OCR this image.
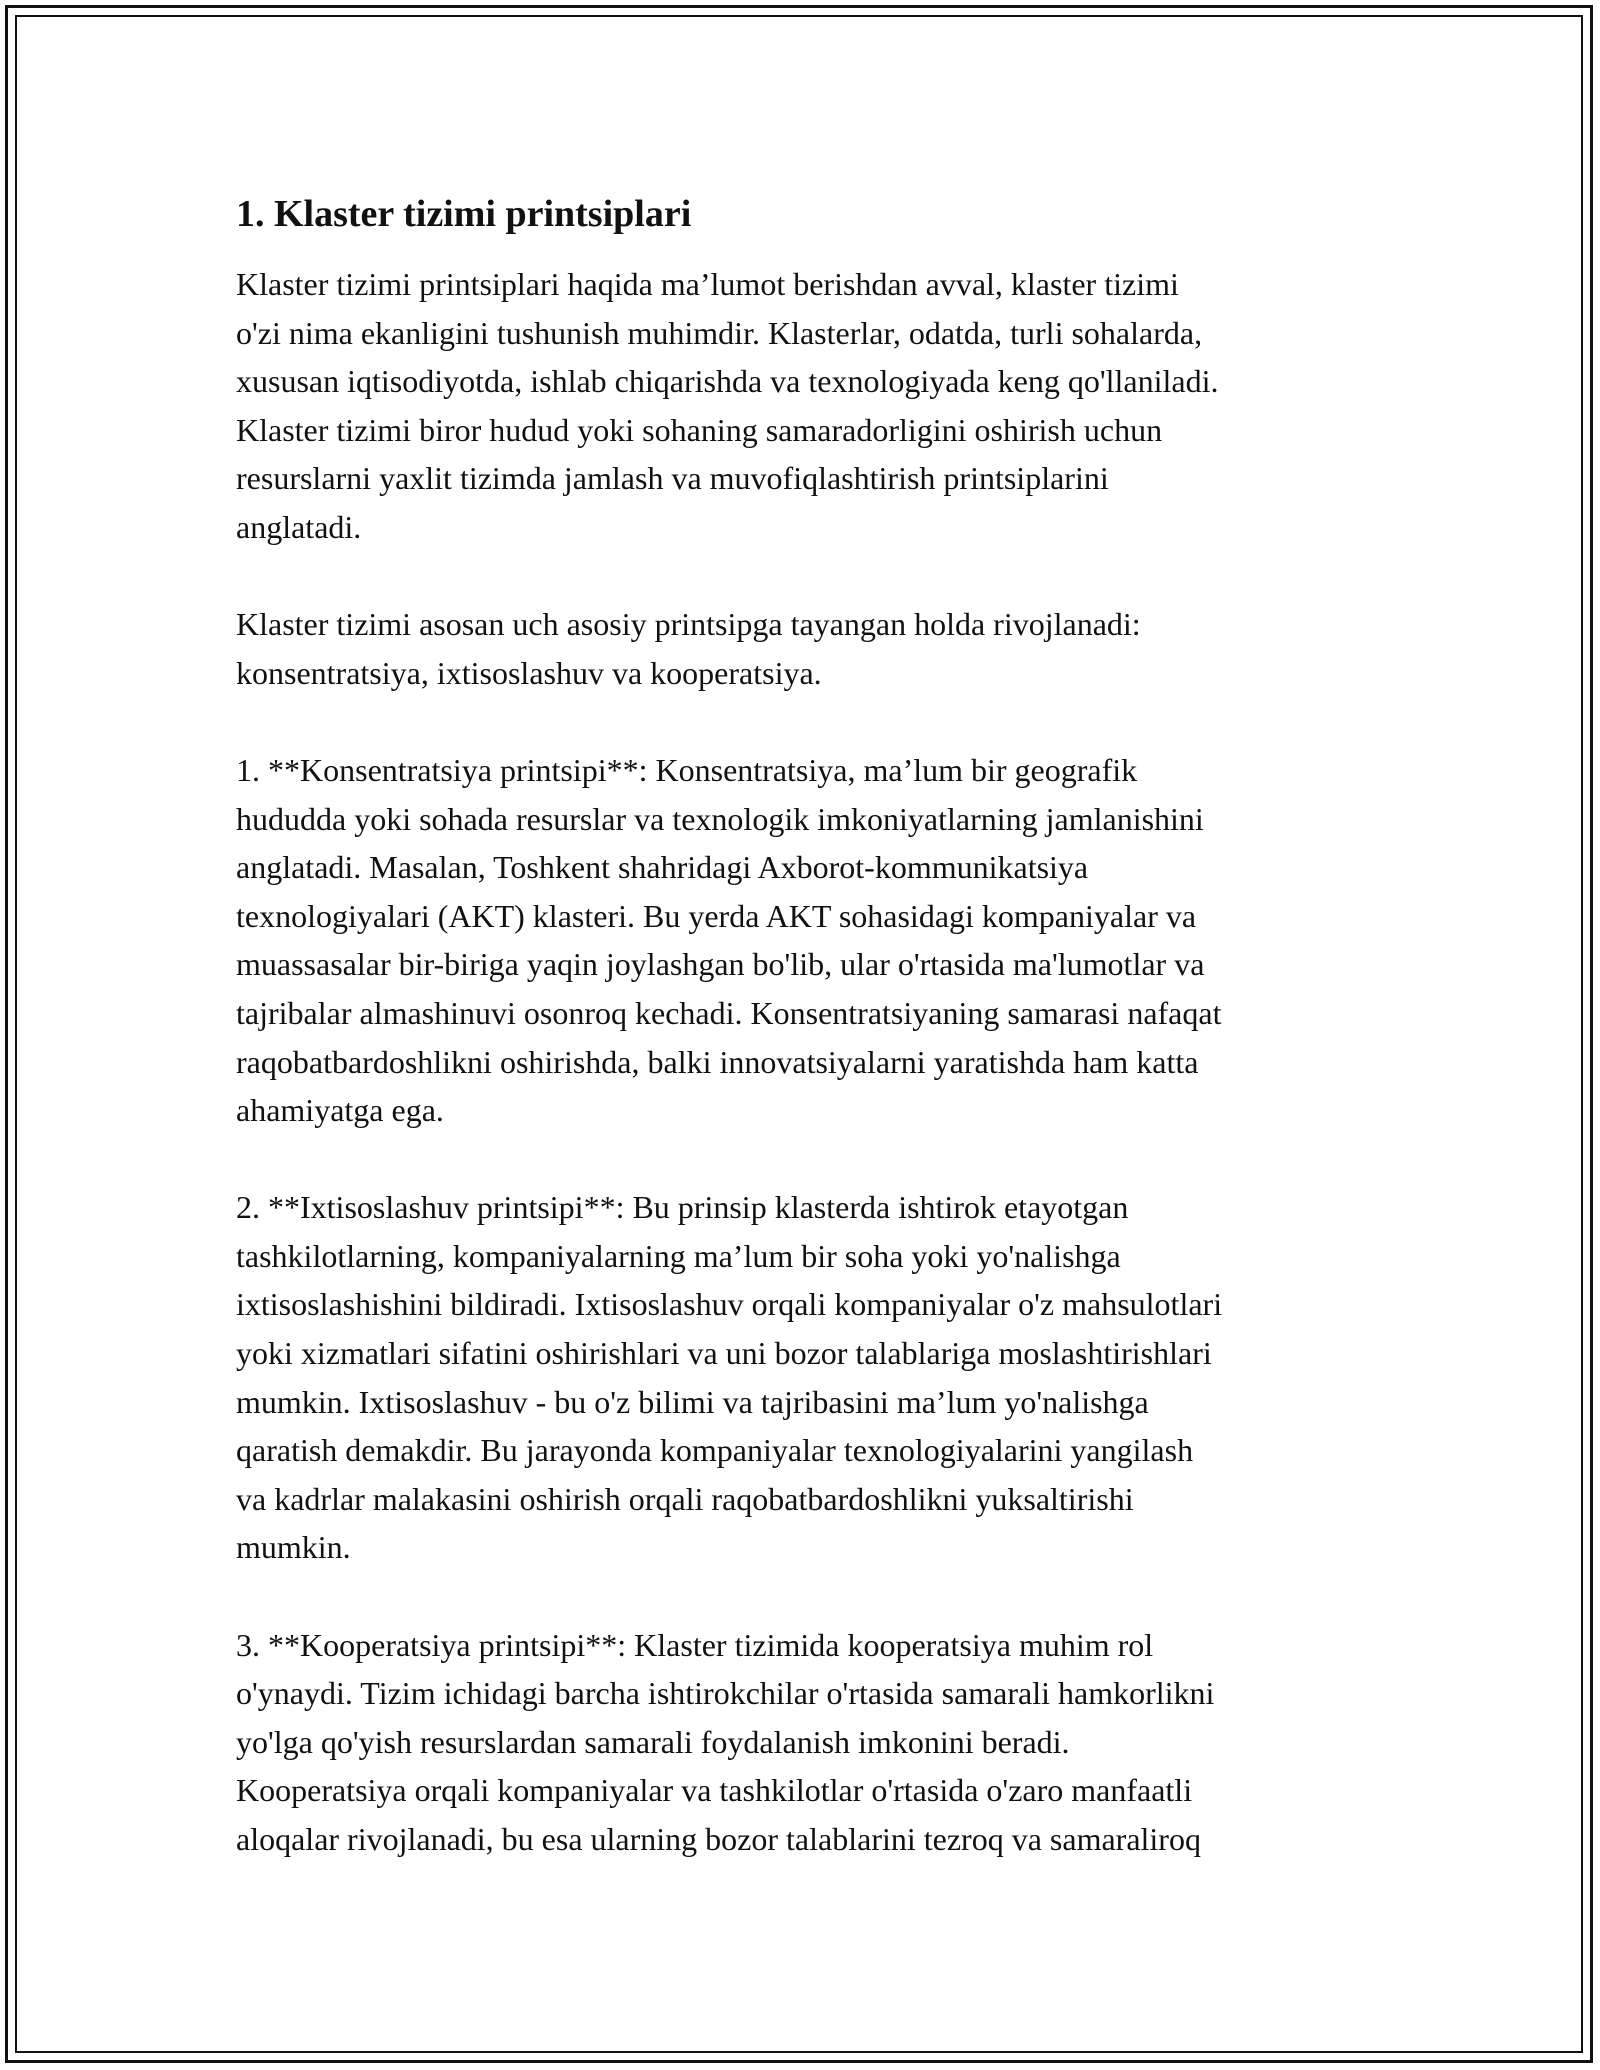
1. Klaster tizimi printsiplari

Klaster tizimi printsiplari haqida ma’lumot berishdan avval, klaster tizimi
o'zi nima ekanligini tushunish muhimdir. Klasterlar, odatda, turli sohalarda,
xususan iqtisodiyotda, ishlab chiqarishda va texnologiyada keng qo'llaniladi.
Klaster tizimi biror hudud yoki sohaning samaradorligini oshirish uchun
resurslarni yaxlit tizimda jamlash va muvofiqlashtirish printsiplarini
anglatadi.

Klaster tizimi asosan uch asosiy printsipga tayangan holda rivojlanadi:
konsentratsiya, ixtisoslashuv va kooperatsiya.

1. **Konsentratsiya printsipi**: Konsentratsiya, ma’lum bir geografik
hududda yoki sohada resurslar va texnologik imkoniyatlarning jamlanishini
anglatadi. Masalan, Toshkent shahridagi Axborot-kommunikatsiya
texnologiyalari (AKT) klasteri. Bu yerda AKT sohasidagi kompaniyalar va
muassasalar bir-biriga yaqin joylashgan bo'lib, ular o'rtasida ma'lumotlar va
tajribalar almashinuvi osonroq kechadi. Konsentratsiyaning samarasi nafaqat
raqobatbardoshlikni oshirishda, balki innovatsiyalarni yaratishda ham katta
ahamiyatga ega.

2. **Ixtisoslashuv printsipi**: Bu prinsip klasterda ishtirok etayotgan
tashkilotlarning, kompaniyalarning ma’lum bir soha yoki yo'nalishga
ixtisoslashishini bildiradi. Ixtisoslashuv orqali kompaniyalar o'z mahsulotlari
yoki xizmatlari sifatini oshirishlari va uni bozor talablariga moslashtirishlari
mumkin. Ixtisoslashuv - bu o'z bilimi va tajribasini ma’lum yo'nalishga
qaratish demakdir. Bu jarayonda kompaniyalar texnologiyalarini yangilash
va kadrlar malakasini oshirish orqali raqobatbardoshlikni yuksaltirishi
mumkin.

3. **Kooperatsiya printsipi**: Klaster tizimida kooperatsiya muhim rol
o'ynaydi. Tizim ichidagi barcha ishtirokchilar o'rtasida samarali hamkorlikni
yo'lga qo'yish resurslardan samarali foydalanish imkonini beradi.
Kooperatsiya orqali kompaniyalar va tashkilotlar o'rtasida o'zaro manfaatli
aloqalar rivojlanadi, bu esa ularning bozor talablarini tezroq va samaraliroq
